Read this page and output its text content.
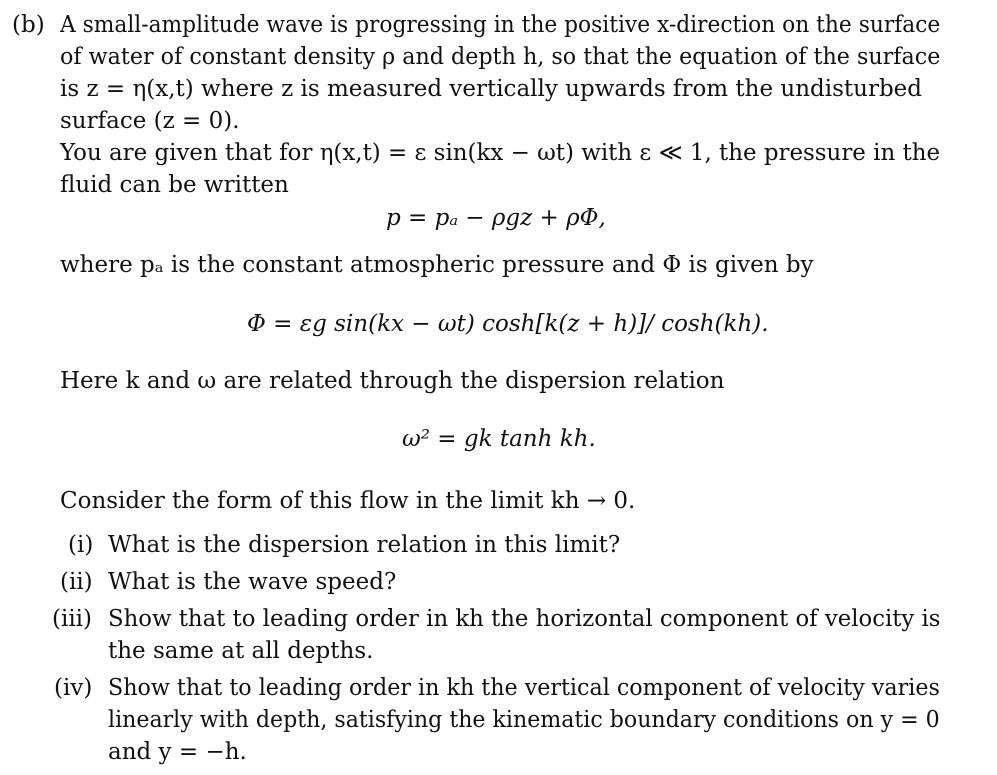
(b) A small-amplitude wave is progressing in the positive x-direction on the surface
of water of constant density ρ and depth h, so that the equation of the surface
is z = η(x,t) where z is measured vertically upwards from the undisturbed
surface (z = 0).
You are given that for η(x,t) = ε sin(kx − ωt) with ε ≪ 1, the pressure in the
fluid can be written
p = pₐ − ρgz + ρΦ,
where pₐ is the constant atmospheric pressure and Φ is given by
Φ = εg sin(kx − ωt) cosh[k(z + h)]/ cosh(kh).
Here k and ω are related through the dispersion relation
ω² = gk tanh kh.
Consider the form of this flow in the limit kh → 0.
(i) What is the dispersion relation in this limit?
(ii) What is the wave speed?
(iii) Show that to leading order in kh the horizontal component of velocity is
the same at all depths.
(iv) Show that to leading order in kh the vertical component of velocity varies
linearly with depth, satisfying the kinematic boundary conditions on y = 0
and y = −h.
